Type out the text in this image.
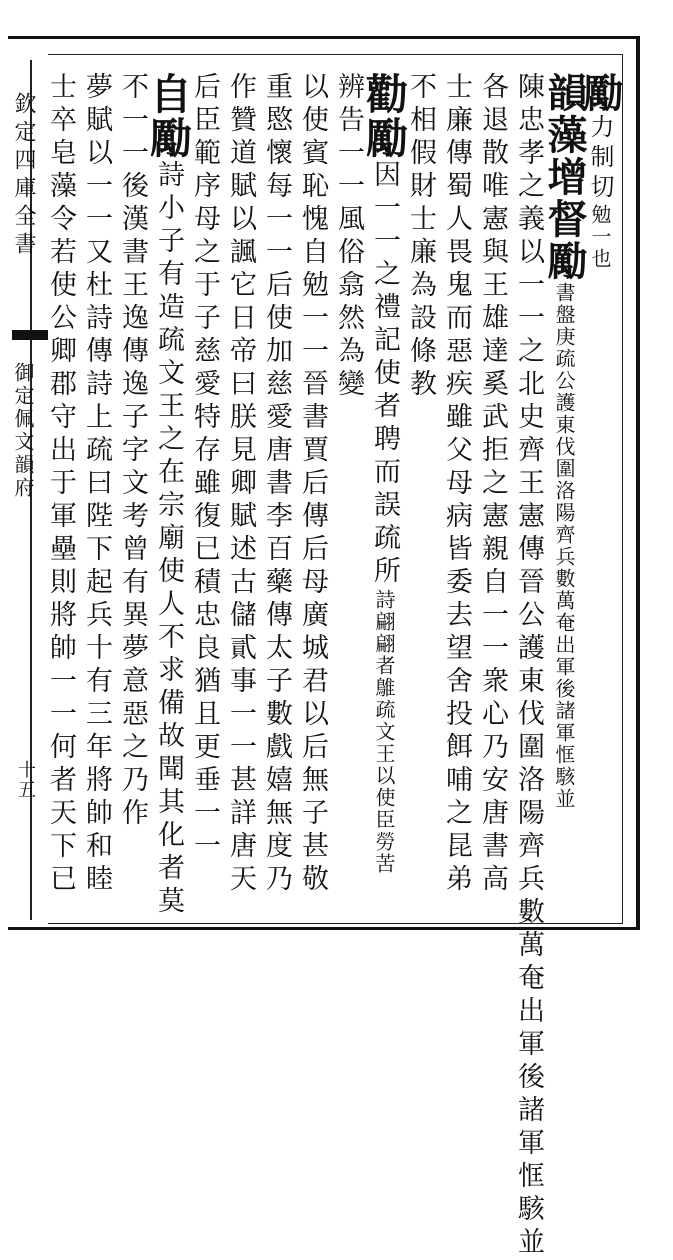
欽定四庫全書
御定佩文韻府
十五
勵力制切勉一也
韻藻增督勵書盤庚疏公護東伐圍洛陽齊兵數萬奄出軍後諸軍恇駭並
陳忠孝之義以一一之北史齊王憲傳晉公護東伐圍洛陽齊兵數萬奄出軍後諸軍恇駭並
各退散唯憲與王雄達奚武拒之憲親自一一衆心乃安唐書高
士廉傳蜀人畏鬼而惡疾雖父母病皆委去望舍投餌哺之昆弟
不相假財士廉為設條教
勸勵因一一之禮記使者聘而誤疏所詩翩翩者鵻疏文王以使臣勞苦
辨告一一風俗翕然為變
以使賓恥愧自勉一一晉書賈后傳后母廣城君以后無子甚敬
重愍懷每一一后使加慈愛唐書李百藥傳太子數戲嬉無度乃
作贊道賦以諷它日帝曰朕見卿賦述古儲貳事一一甚詳唐天
后臣範序母之于子慈愛特存雖復已積忠良猶且更垂一一
自勵詩小子有造疏文王之在宗廟使人不求備故聞其化者莫
不一一後漢書王逸傳逸子字文考曾有異夢意惡之乃作
夢賦以一一又杜詩傳詩上疏曰陛下起兵十有三年將帥和睦
士卒皂藻令若使公卿郡守出于軍壘則將帥一一何者天下已
